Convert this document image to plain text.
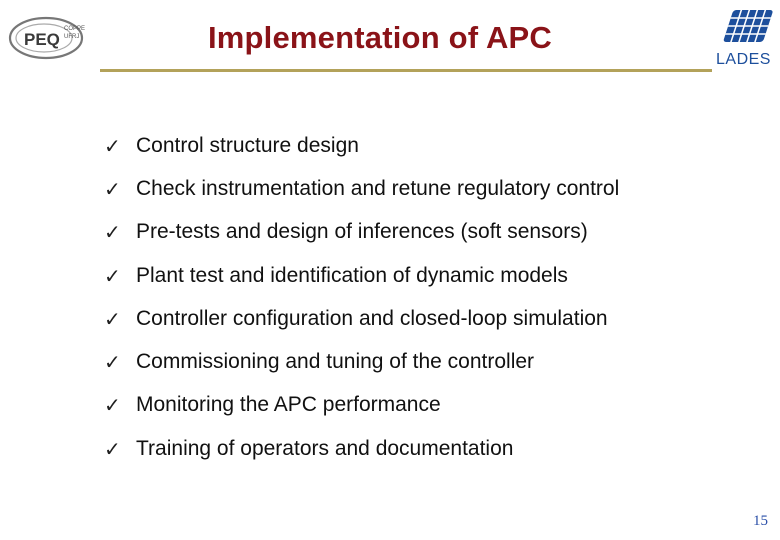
PEQ
COPPE
UFRJ	Implementation of APC
LADES
✓ Control structure design
✓ Check instrumentation and retune regulatory control
✓ Pre-tests and design of inferences (soft sensors)
✓ Plant test and identification of dynamic models
✓ Controller configuration and closed-loop simulation
✓ Commissioning and tuning of the controller
✓ Monitoring the APC performance
✓ Training of operators and documentation
15
